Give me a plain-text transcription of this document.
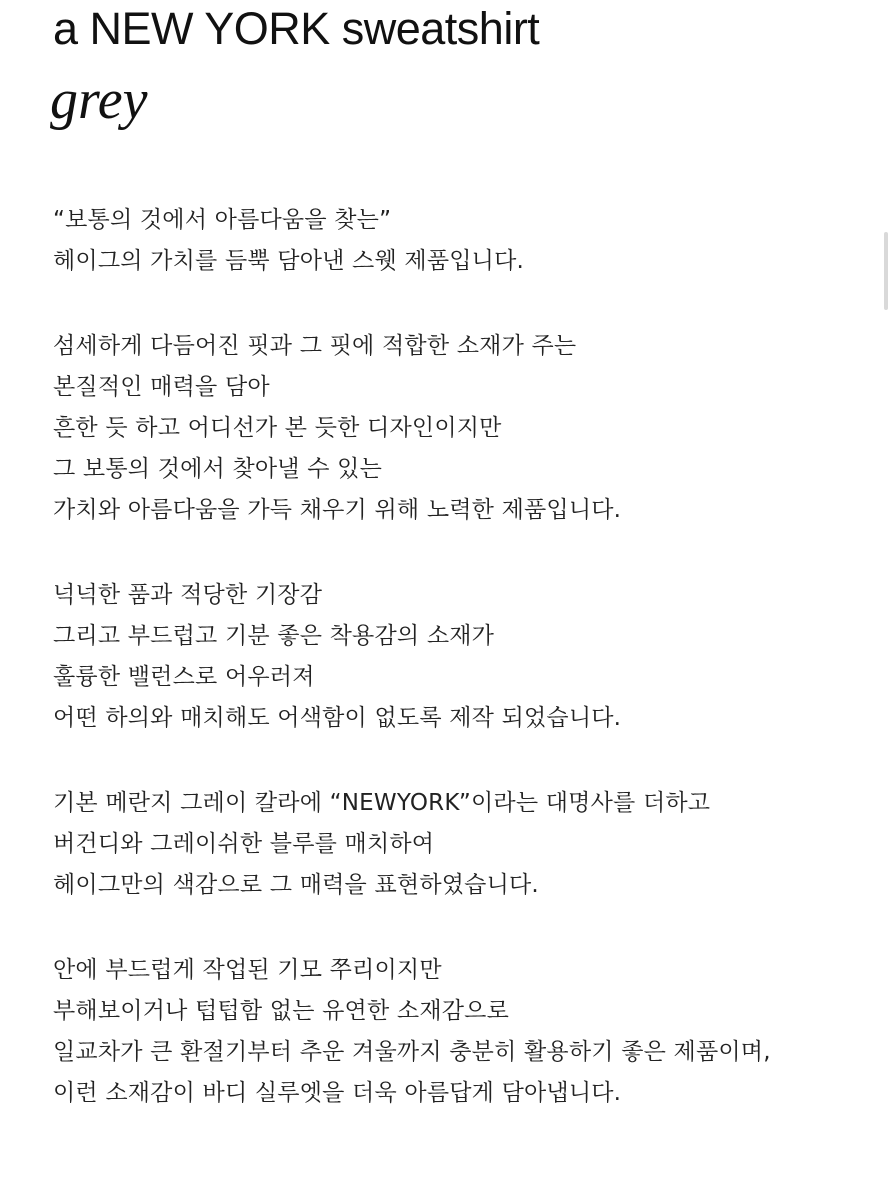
a NEW YORK sweatshirt
grey

“보통의 것에서 아름다움을 찾는”
헤이그의 가치를 듬뿍 담아낸 스웻 제품입니다.

섬세하게 다듬어진 핏과 그 핏에 적합한 소재가 주는
본질적인 매력을 담아
흔한 듯 하고 어디선가 본 듯한 디자인이지만
그 보통의 것에서 찾아낼 수 있는
가치와 아름다움을 가득 채우기 위해 노력한 제품입니다.

넉넉한 품과 적당한 기장감
그리고 부드럽고 기분 좋은 착용감의 소재가
훌륭한 밸런스로 어우러져
어떤 하의와 매치해도 어색함이 없도록 제작 되었습니다.

기본 메란지 그레이 칼라에 “NEWYORK”이라는 대명사를 더하고
버건디와 그레이쉬한 블루를 매치하여
헤이그만의 색감으로 그 매력을 표현하였습니다.

안에 부드럽게 작업된 기모 쭈리이지만
부해보이거나 텁텁함 없는 유연한 소재감으로
일교차가 큰 환절기부터 추운 겨울까지 충분히 활용하기 좋은 제품이며,
이런 소재감이 바디 실루엣을 더욱 아름답게 담아냅니다.
